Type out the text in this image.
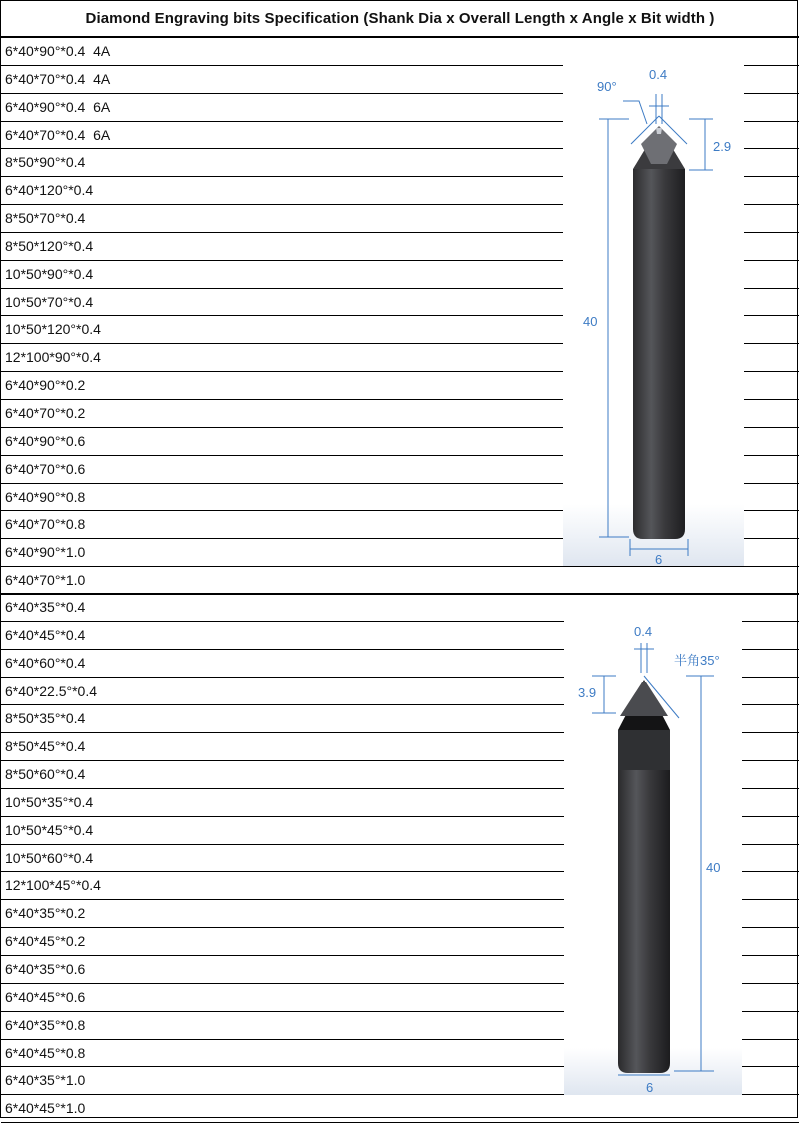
Diamond Engraving bits Specification (Shank Dia x Overall Length x Angle x Bit width )
6*40*90°*0.4  4A
6*40*70°*0.4  4A
6*40*90°*0.4  6A
6*40*70°*0.4  6A
8*50*90°*0.4
6*40*120°*0.4
8*50*70°*0.4
8*50*120°*0.4
10*50*90°*0.4
10*50*70°*0.4
10*50*120°*0.4
12*100*90°*0.4
6*40*90°*0.2
6*40*70°*0.2
6*40*90°*0.6
6*40*70°*0.6
6*40*90°*0.8
6*40*70°*0.8
6*40*90°*1.0
6*40*70°*1.0
6*40*35°*0.4
6*40*45°*0.4
6*40*60°*0.4
6*40*22.5°*0.4
8*50*35°*0.4
8*50*45°*0.4
8*50*60°*0.4
10*50*35°*0.4
10*50*45°*0.4
10*50*60°*0.4
12*100*45°*0.4
6*40*35°*0.2
6*40*45°*0.2
6*40*35°*0.6
6*40*45°*0.6
6*40*35°*0.8
6*40*45°*0.8
6*40*35°*1.0
6*40*45°*1.0
90°
0.4
2.9
40
6
0.4
半角35°
3.9
40
6
